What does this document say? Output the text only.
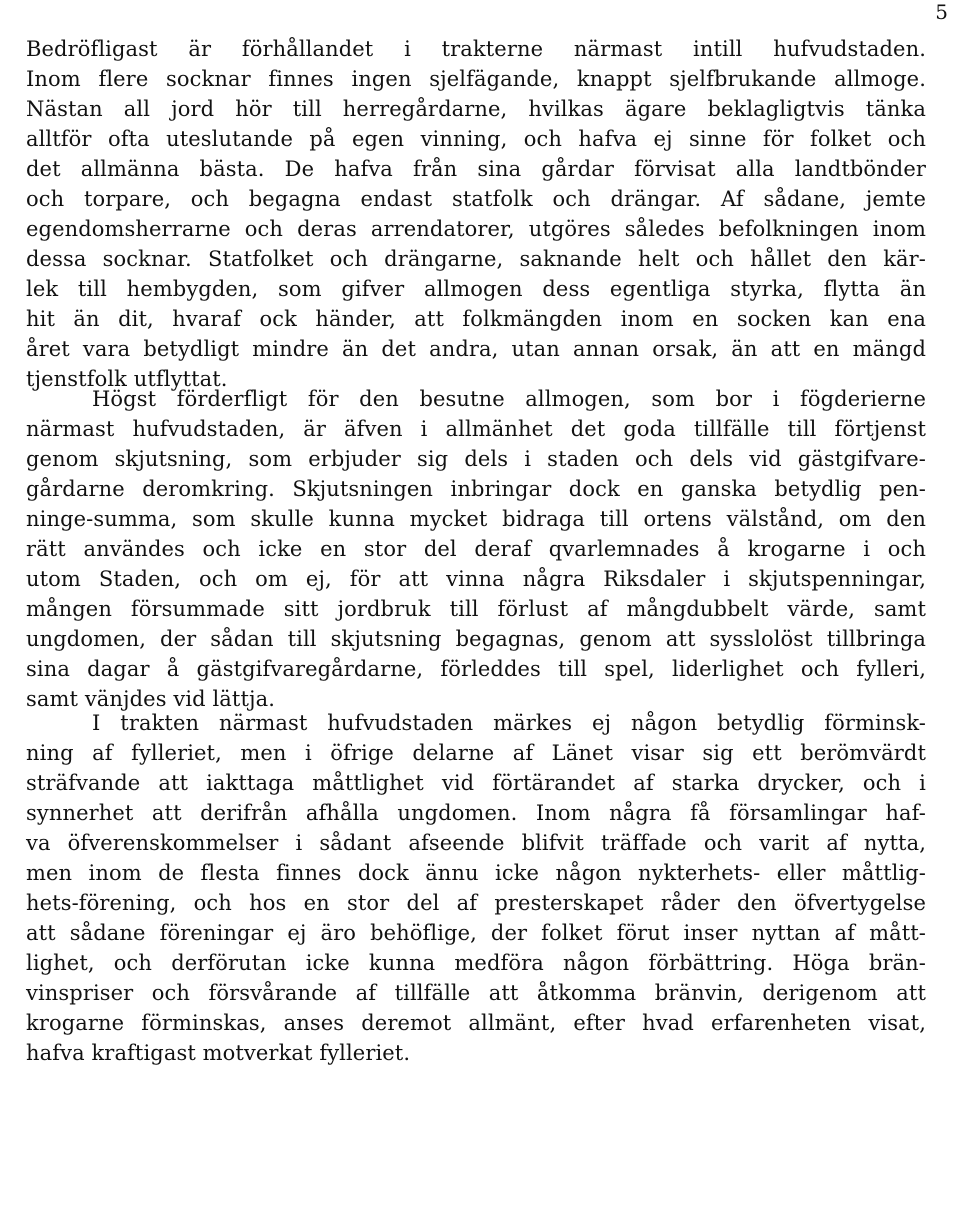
5
Bedröfligast är förhållandet i trakterne närmast intill hufvudstaden.
Inom flere socknar finnes ingen sjelfägande, knappt sjelfbrukande allmoge.
Nästan all jord hör till herregårdarne, hvilkas ägare beklagligtvis tänka
alltför ofta uteslutande på egen vinning, och hafva ej sinne för folket och
det allmänna bästa. De hafva från sina gårdar förvisat alla landtbönder
och torpare, och begagna endast statfolk och drängar. Af sådane, jemte
egendomsherrarne och deras arrendatorer, utgöres således befolkningen inom
dessa socknar. Statfolket och drängarne, saknande helt och hållet den kär-
lek till hembygden, som gifver allmogen dess egentliga styrka, flytta än
hit än dit, hvaraf ock händer, att folkmängden inom en socken kan ena
året vara betydligt mindre än det andra, utan annan orsak, än att en mängd
tjenstfolk utflyttat.
Högst förderfligt för den besutne allmogen, som bor i fögderierne
närmast hufvudstaden, är äfven i allmänhet det goda tillfälle till förtjenst
genom skjutsning, som erbjuder sig dels i staden och dels vid gästgifvare-
gårdarne deromkring. Skjutsningen inbringar dock en ganska betydlig pen-
ninge-summa, som skulle kunna mycket bidraga till ortens välstånd, om den
rätt användes och icke en stor del deraf qvarlemnades å krogarne i och
utom Staden, och om ej, för att vinna några Riksdaler i skjutspenningar,
mången försummade sitt jordbruk till förlust af mångdubbelt värde, samt
ungdomen, der sådan till skjutsning begagnas, genom att sysslolöst tillbringa
sina dagar å gästgifvaregårdarne, förleddes till spel, liderlighet och fylleri,
samt vänjdes vid lättja.
I trakten närmast hufvudstaden märkes ej någon betydlig förminsk-
ning af fylleriet, men i öfrige delarne af Länet visar sig ett berömvärdt
sträfvande att iakttaga måttlighet vid förtärandet af starka drycker, och i
synnerhet att derifrån afhålla ungdomen. Inom några få församlingar haf-
va öfverenskommelser i sådant afseende blifvit träffade och varit af nytta,
men inom de flesta finnes dock ännu icke någon nykterhets- eller måttlig-
hets-förening, och hos en stor del af presterskapet råder den öfvertygelse
att sådane föreningar ej äro behöflige, der folket förut inser nyttan af mått-
lighet, och derförutan icke kunna medföra någon förbättring. Höga brän-
vinspriser och försvårande af tillfälle att åtkomma bränvin, derigenom att
krogarne förminskas, anses deremot allmänt, efter hvad erfarenheten visat,
hafva kraftigast motverkat fylleriet.
